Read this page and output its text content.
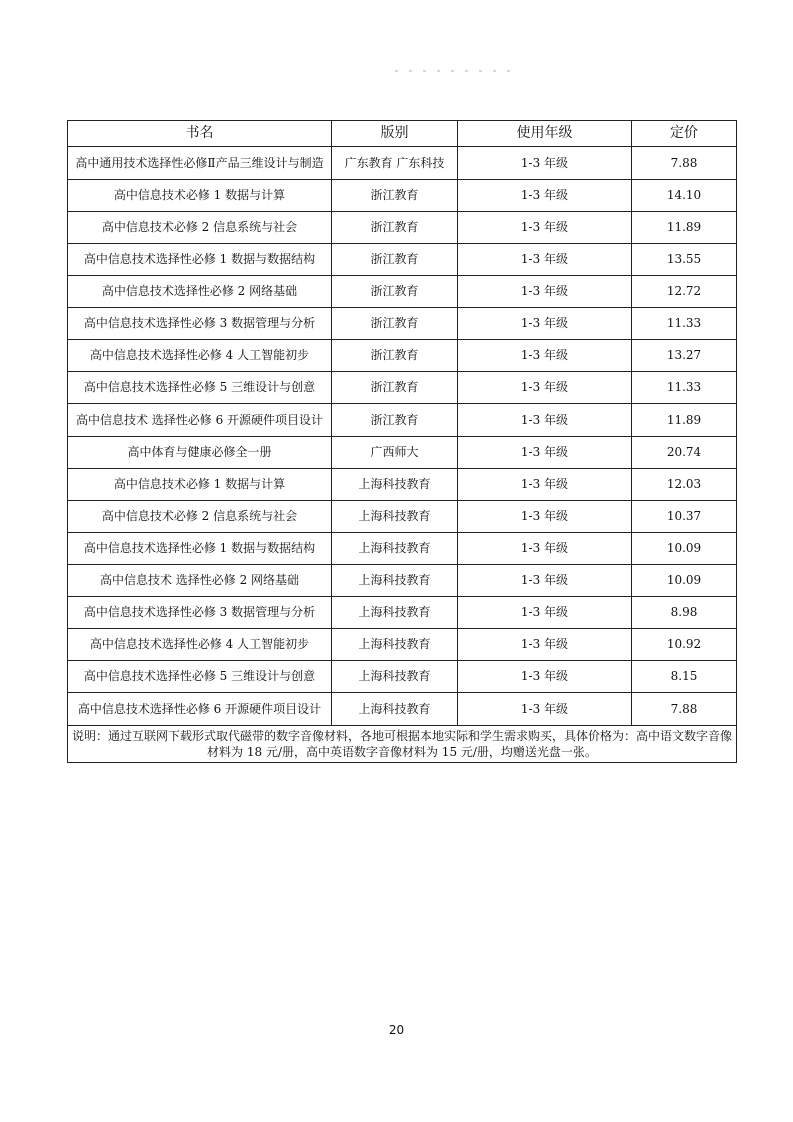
书名	版别	使用年级	定价
高中通用技术选择性必修Ⅱ产品三维设计与制造	广东教育 广东科技	1-3 年级	7.88
高中信息技术必修 1 数据与计算	浙江教育	1-3 年级	14.10
高中信息技术必修 2 信息系统与社会	浙江教育	1-3 年级	11.89
高中信息技术选择性必修 1 数据与数据结构	浙江教育	1-3 年级	13.55
高中信息技术选择性必修 2 网络基础	浙江教育	1-3 年级	12.72
高中信息技术选择性必修 3 数据管理与分析	浙江教育	1-3 年级	11.33
高中信息技术选择性必修 4 人工智能初步	浙江教育	1-3 年级	13.27
高中信息技术选择性必修 5 三维设计与创意	浙江教育	1-3 年级	11.33
高中信息技术 选择性必修 6 开源硬件项目设计	浙江教育	1-3 年级	11.89
高中体育与健康必修全一册	广西师大	1-3 年级	20.74
高中信息技术必修 1 数据与计算	上海科技教育	1-3 年级	12.03
高中信息技术必修 2 信息系统与社会	上海科技教育	1-3 年级	10.37
高中信息技术选择性必修 1 数据与数据结构	上海科技教育	1-3 年级	10.09
高中信息技术 选择性必修 2 网络基础	上海科技教育	1-3 年级	10.09
高中信息技术选择性必修 3 数据管理与分析	上海科技教育	1-3 年级	8.98
高中信息技术选择性必修 4 人工智能初步	上海科技教育	1-3 年级	10.92
高中信息技术选择性必修 5 三维设计与创意	上海科技教育	1-3 年级	8.15
高中信息技术选择性必修 6 开源硬件项目设计	上海科技教育	1-3 年级	7.88
说明：通过互联网下载形式取代磁带的数字音像材料，各地可根据本地实际和学生需求购买，具体价格为：高中语文数字音像材料为 18 元/册，高中英语数字音像材料为 15 元/册，均赠送光盘一张。			
20
